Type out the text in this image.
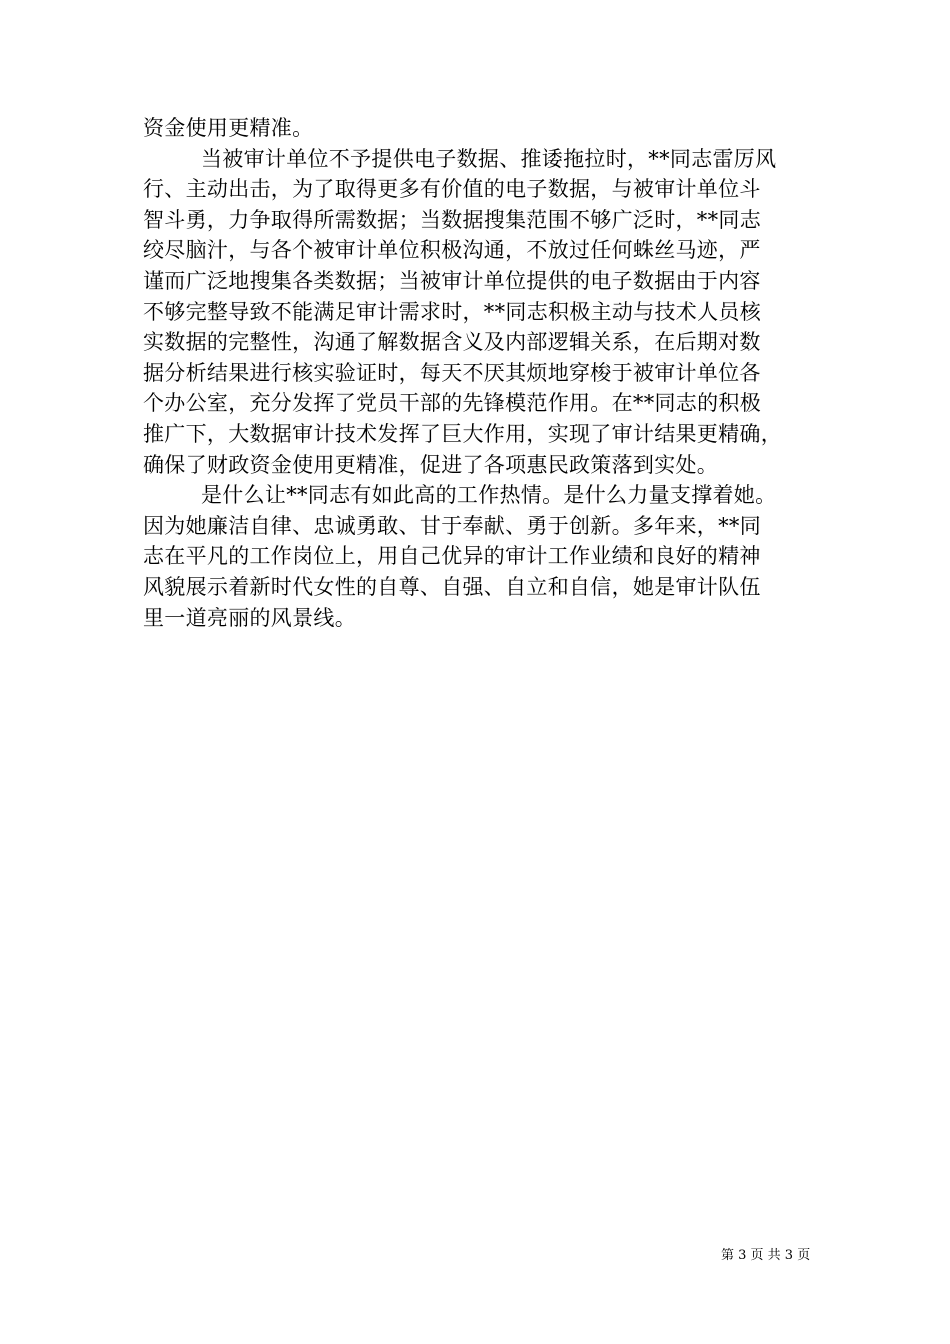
资金使用更精准。
当被审计单位不予提供电子数据、推诿拖拉时，**同志雷厉风
行、主动出击，为了取得更多有价值的电子数据，与被审计单位斗
智斗勇，力争取得所需数据；当数据搜集范围不够广泛时，**同志
绞尽脑汁，与各个被审计单位积极沟通，不放过任何蛛丝马迹，严
谨而广泛地搜集各类数据；当被审计单位提供的电子数据由于内容
不够完整导致不能满足审计需求时，**同志积极主动与技术人员核
实数据的完整性，沟通了解数据含义及内部逻辑关系，在后期对数
据分析结果进行核实验证时，每天不厌其烦地穿梭于被审计单位各
个办公室，充分发挥了党员干部的先锋模范作用。在**同志的积极
推广下，大数据审计技术发挥了巨大作用，实现了审计结果更精确，
确保了财政资金使用更精准，促进了各项惠民政策落到实处。
是什么让**同志有如此高的工作热情。是什么力量支撑着她。
因为她廉洁自律、忠诚勇敢、甘于奉献、勇于创新。多年来，**同
志在平凡的工作岗位上，用自己优异的审计工作业绩和良好的精神
风貌展示着新时代女性的自尊、自强、自立和自信，她是审计队伍
里一道亮丽的风景线。
第 3 页 共 3 页
